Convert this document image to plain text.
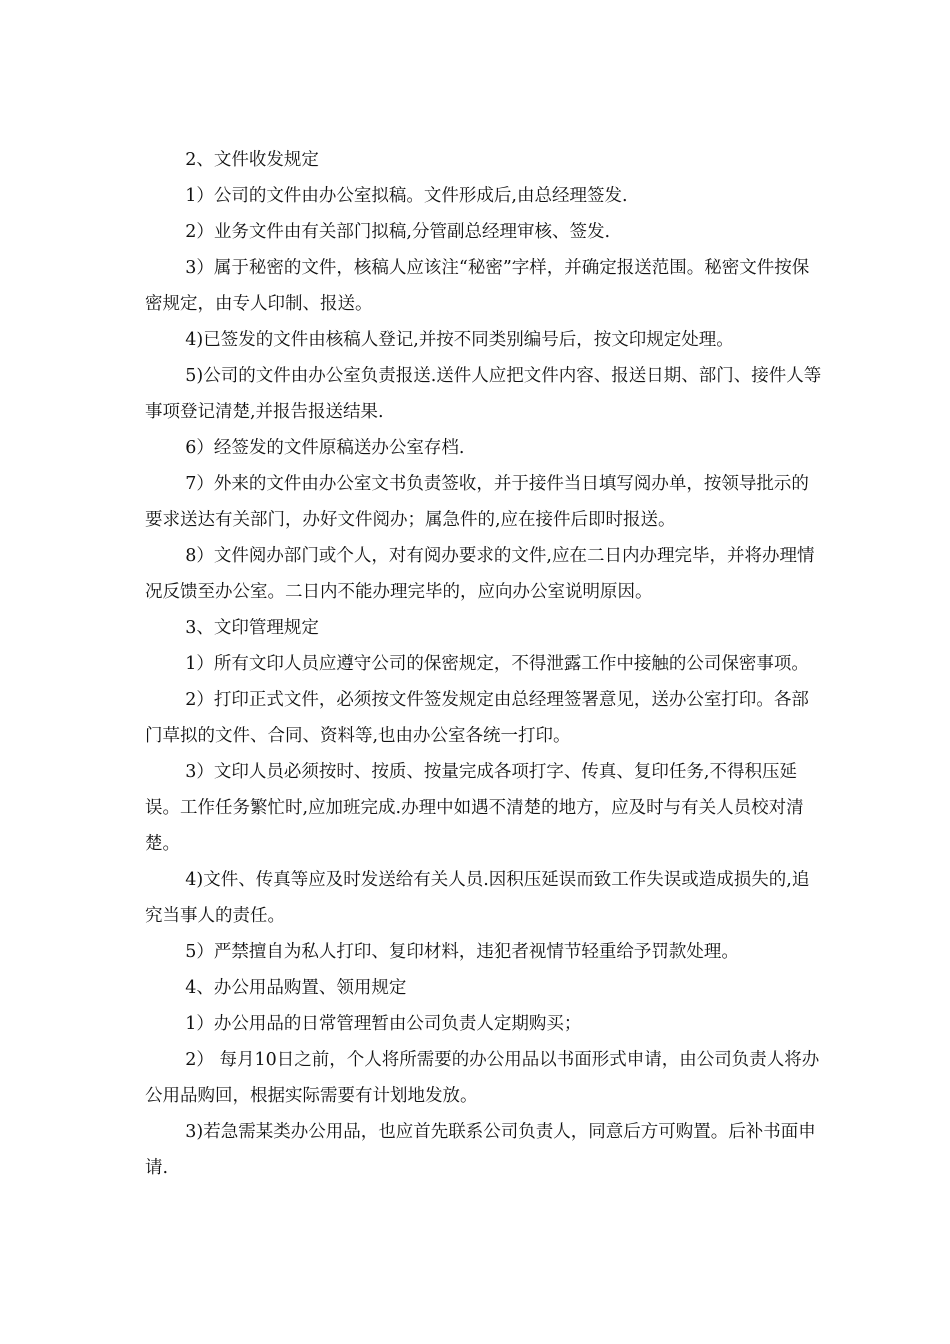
2、文件收发规定

1）公司的文件由办公室拟稿。文件形成后,由总经理签发.

2）业务文件由有关部门拟稿,分管副总经理审核、签发.

3）属于秘密的文件，核稿人应该注“秘密”字样，并确定报送范围。秘密文件按保密规定，由专人印制、报送。

4)已签发的文件由核稿人登记,并按不同类别编号后，按文印规定处理。

5)公司的文件由办公室负责报送.送件人应把文件内容、报送日期、部门、接件人等事项登记清楚,并报告报送结果.

6）经签发的文件原稿送办公室存档.

7）外来的文件由办公室文书负责签收，并于接件当日填写阅办单，按领导批示的要求送达有关部门，办好文件阅办；属急件的,应在接件后即时报送。

8）文件阅办部门或个人，对有阅办要求的文件,应在二日内办理完毕，并将办理情况反馈至办公室。二日内不能办理完毕的，应向办公室说明原因。

3、文印管理规定

1）所有文印人员应遵守公司的保密规定，不得泄露工作中接触的公司保密事项。

2）打印正式文件，必须按文件签发规定由总经理签署意见，送办公室打印。各部门草拟的文件、合同、资料等,也由办公室各统一打印。

3）文印人员必须按时、按质、按量完成各项打字、传真、复印任务,不得积压延误。工作任务繁忙时,应加班完成.办理中如遇不清楚的地方，应及时与有关人员校对清楚。

4)文件、传真等应及时发送给有关人员.因积压延误而致工作失误或造成损失的,追究当事人的责任。

5）严禁擅自为私人打印、复印材料，违犯者视情节轻重给予罚款处理。

4、办公用品购置、领用规定

1）办公用品的日常管理暂由公司负责人定期购买；

2） 每月10日之前，个人将所需要的办公用品以书面形式申请，由公司负责人将办公用品购回，根据实际需要有计划地发放。

3)若急需某类办公用品，也应首先联系公司负责人，同意后方可购置。后补书面申请.
